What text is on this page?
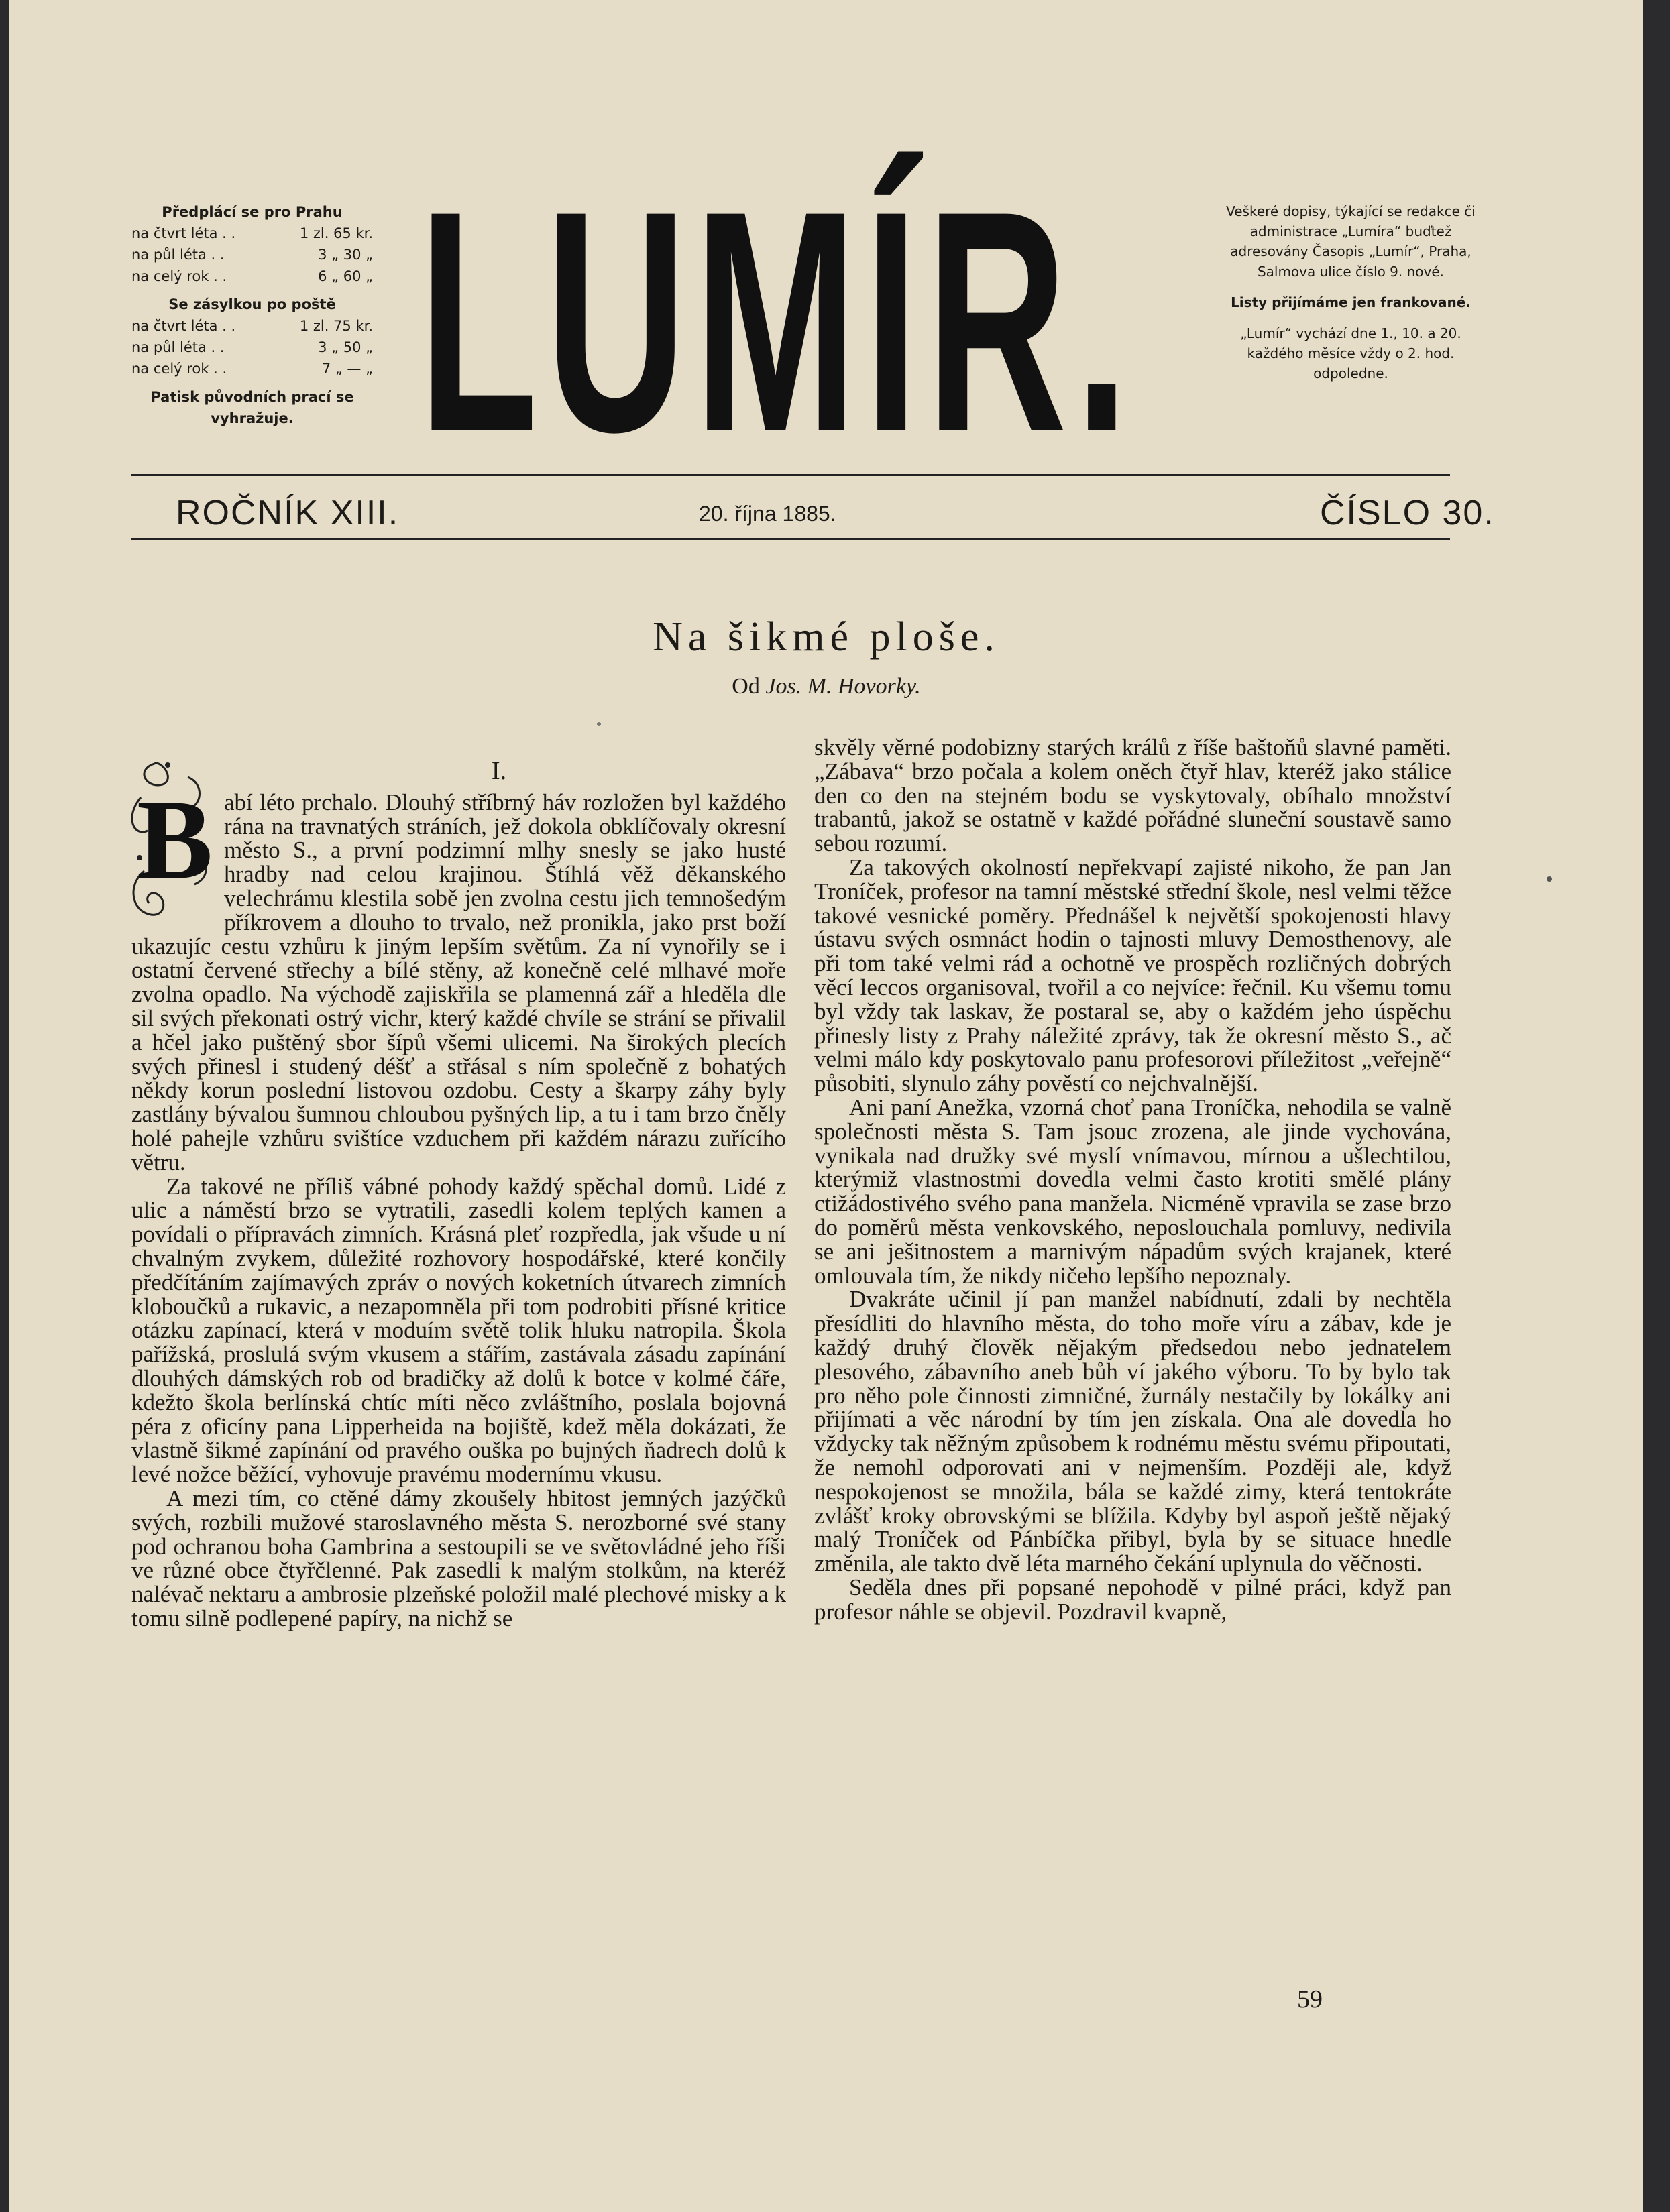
Předplácí se pro Prahu
na čtvrt léta . .	1 zl. 65 kr.
na půl léta . .	3 „ 30 „
na celý rok . .	6 „ 60 „
Se zásylkou po poště
na čtvrt léta . .	1 zl. 75 kr.
na půl léta . .	3 „ 50 „
na celý rok . .	7 „ — „
Patisk původních prací se vyhražuje. LUMÍR.	Veškeré dopisy, týkající se redakce či administrace „Lumíra“ buďtež adresovány Časopis „Lumír“, Praha, Salmova ulice číslo 9. nové.

Listy přijímáme jen frankované.

„Lumír“ vychází dne 1., 10. a 20. každého měsíce vždy o 2. hod. odpoledne.

ROČNÍK XIII.	20. října 1885.	ČÍSLO 30.
Na šikmé ploše.
Od Jos. M. Hovorky.

I.

B abí léto prchalo. Dlouhý stříbrný háv rozložen byl každého rána na travnatých stráních, jež dokola obklíčovaly okresní město S., a první podzimní mlhy snesly se jako husté hradby nad celou krajinou. Štíhlá věž děkanského velechrámu klestila sobě jen zvolna cestu jich temnošedým příkrovem a dlouho to trvalo, než pronikla, jako prst boží ukazujíc cestu vzhůru k jiným lepším světům. Za ní vynořily se i ostatní červené střechy a bílé stěny, až konečně celé mlhavé moře zvolna opadlo. Na východě zajiskřila se plamenná zář a hleděla dle sil svých překonati ostrý vichr, který každé chvíle se strání se přivalil a hčel jako puštěný sbor šípů všemi ulicemi. Na širokých plecích svých přinesl i studený déšť a střásal s ním společně z bohatých někdy korun poslední listovou ozdobu. Cesty a škarpy záhy byly zastlány bývalou šumnou chloubou pyšných lip, a tu i tam brzo čněly holé pahejle vzhůru svištíce vzduchem při každém nárazu zuřícího větru.

Za takové ne příliš vábné pohody každý spěchal domů. Lidé z ulic a náměstí brzo se vytratili, zasedli kolem teplých kamen a povídali o přípravách zimních. Krásná pleť rozpředla, jak všude u ní chvalným zvykem, důležité rozhovory hospodářské, které končily předčítáním zajímavých zpráv o nových koketních útvarech zimních kloboučků a rukavic, a nezapomněla při tom podrobiti přísné kritice otázku zapínací, která v moduím světě tolik hluku natropila. Škola pařížská, proslulá svým vkusem a stářím, zastávala zásadu zapínání dlouhých dámských rob od bradičky až dolů k botce v kolmé čáře, kdežto škola berlínská chtíc míti něco zvláštního, poslala bojovná péra z oficíny pana Lipperheida na bojiště, kdež měla dokázati, že vlastně šikmé zapínání od pravého ouška po bujných ňadrech dolů k levé nožce běžící, vyhovuje pravému modernímu vkusu.

A mezi tím, co ctěné dámy zkoušely hbitost jemných jazýčků svých, rozbili mužové staroslavného města S. nerozborné své stany pod ochranou boha Gambrina a sestoupili se ve světovládné jeho říši ve různé obce čtyřčlenné. Pak zasedli k malým stolkům, na kteréž nalévač nektaru a ambrosie plzeňské položil malé plechové misky a k tomu silně podlepené papíry, na nichž se

skvěly věrné podobizny starých králů z říše baštoňů slavné paměti. „Zábava“ brzo počala a kolem oněch čtyř hlav, kteréž jako stálice den co den na stejném bodu se vyskytovaly, obíhalo množství trabantů, jakož se ostatně v každé pořádné sluneční soustavě samo sebou rozumí.

Za takových okolností nepřekvapí zajisté nikoho, že pan Jan Troníček, profesor na tamní městské střední škole, nesl velmi těžce takové vesnické poměry. Přednášel k největší spokojenosti hlavy ústavu svých osmnáct hodin o tajnosti mluvy Demosthenovy, ale při tom také velmi rád a ochotně ve prospěch rozličných dobrých věcí leccos organisoval, tvořil a co nejvíce: řečnil. Ku všemu tomu byl vždy tak laskav, že postaral se, aby o každém jeho úspěchu přinesly listy z Prahy náležité zprávy, tak že okresní město S., ač velmi málo kdy poskytovalo panu profesorovi příležitost „veřejně“ působiti, slynulo záhy pověstí co nejchvalnější.

Ani paní Anežka, vzorná choť pana Troníčka, nehodila se valně společnosti města S. Tam jsouc zrozena, ale jinde vychována, vynikala nad družky své myslí vnímavou, mírnou a ušlechtilou, kterýmiž vlastnostmi dovedla velmi často krotiti smělé plány ctižádostivého svého pana manžela. Nicméně vpravila se zase brzo do poměrů města venkovského, neposlouchala pomluvy, nedivila se ani ješitnostem a marnivým nápadům svých krajanek, které omlouvala tím, že nikdy ničeho lepšího nepoznaly.

Dvakráte učinil jí pan manžel nabídnutí, zdali by nechtěla přesídliti do hlavního města, do toho moře víru a zábav, kde je každý druhý člověk nějakým předsedou nebo jednatelem plesového, zábavního aneb bůh ví jakého výboru. To by bylo tak pro něho pole činnosti zimničné, žurnály nestačily by lokálky ani přijímati a věc národní by tím jen získala. Ona ale dovedla ho vždycky tak něžným způsobem k rodnému městu svému připoutati, že nemohl odporovati ani v nejmenším. Později ale, když nespokojenost se množila, bála se každé zimy, která tentokráte zvlášť kroky obrovskými se blížila. Kdyby byl aspoň ještě nějaký malý Troníček od Pánbíčka přibyl, byla by se situace hnedle změnila, ale takto dvě léta marného čekání uplynula do věčnosti.

Seděla dnes při popsané nepohodě v pilné práci, když pan profesor náhle se objevil. Pozdravil kvapně,

59
